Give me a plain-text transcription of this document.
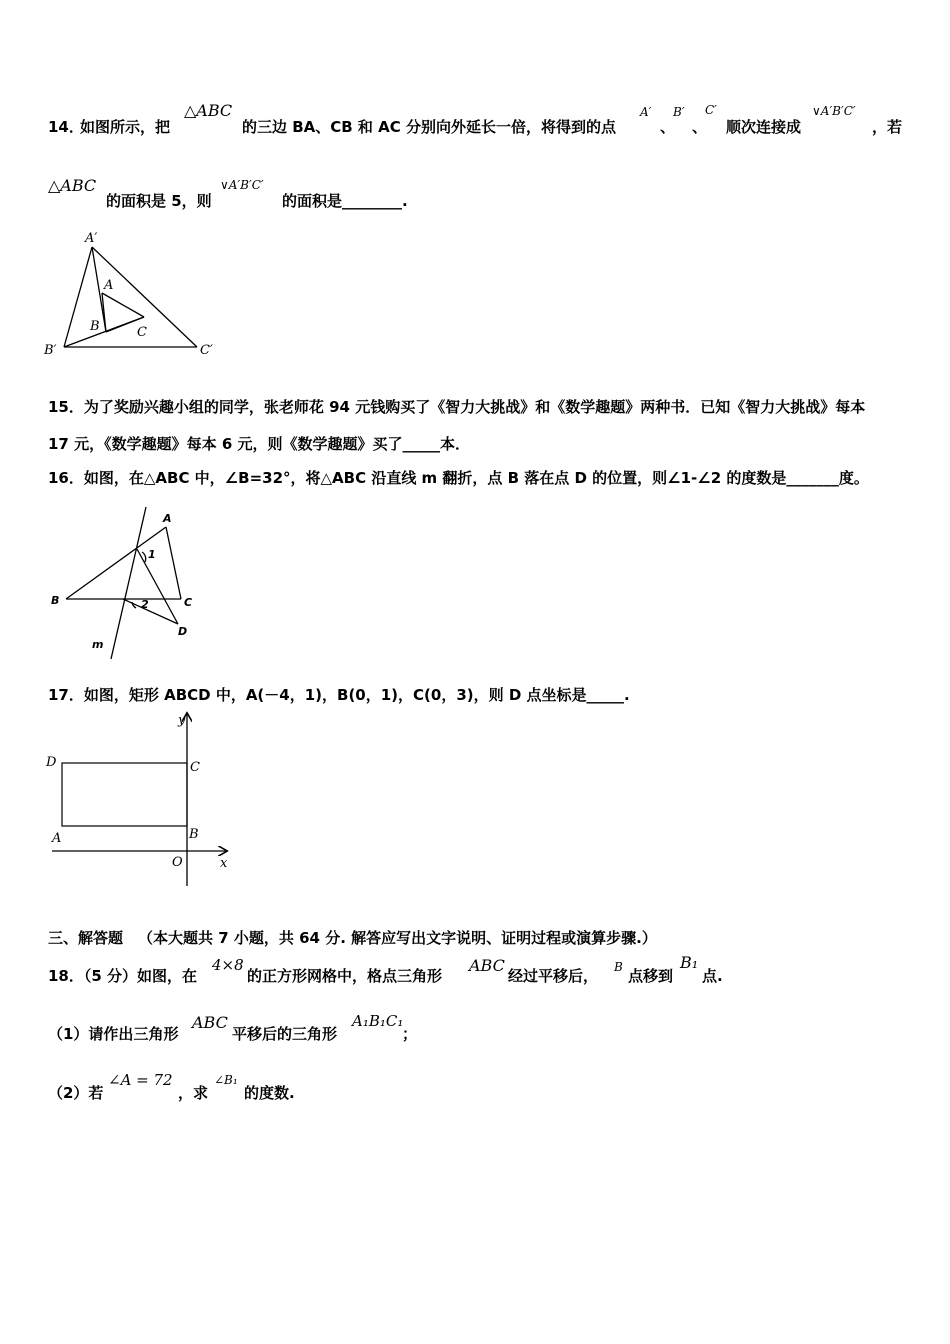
14．
如图所示，把
△ABC
的三边 BA、CB 和 AC 分别向外延长一倍，将得到的点
A′
、
B′
、
C′
顺次连接成
∨A′B′C′
，若
△ABC
的面积是 5，则
∨A′B′C′
的面积是________.
A′
A
B	C
B′	C′
15．为了奖励兴趣小组的同学，张老师花 94 元钱购买了《智力大挑战》和《数学趣题》两种书．已知《智力大挑战》每本
17 元，《数学趣题》每本 6 元，则《数学趣题》买了_____本．
16．如图，在△ABC 中，∠B=32°，将△ABC 沿直线 m 翻折，点 B 落在点 D 的位置，则∠1-∠2 的度数是_______度。
A
1
B	2	C
D
m
17．如图，矩形 ABCD 中，A(－4，1)，B(0，1)，C(0，3)，则 D 点坐标是_____.
y
D	C
A	B
O	x
三、解答题 （本大题共 7 小题，共 64 分. 解答应写出文字说明、证明过程或演算步骤.）
18．（5 分）如图，在
4×8
的正方形网格中，格点三角形
ABC
经过平移后， B 点移到
B₁
点.
（1）请作出三角形
ABC
平移后的三角形
A₁B₁C₁
；
（2）若
∠A = 72
，求
∠B₁
的度数.
